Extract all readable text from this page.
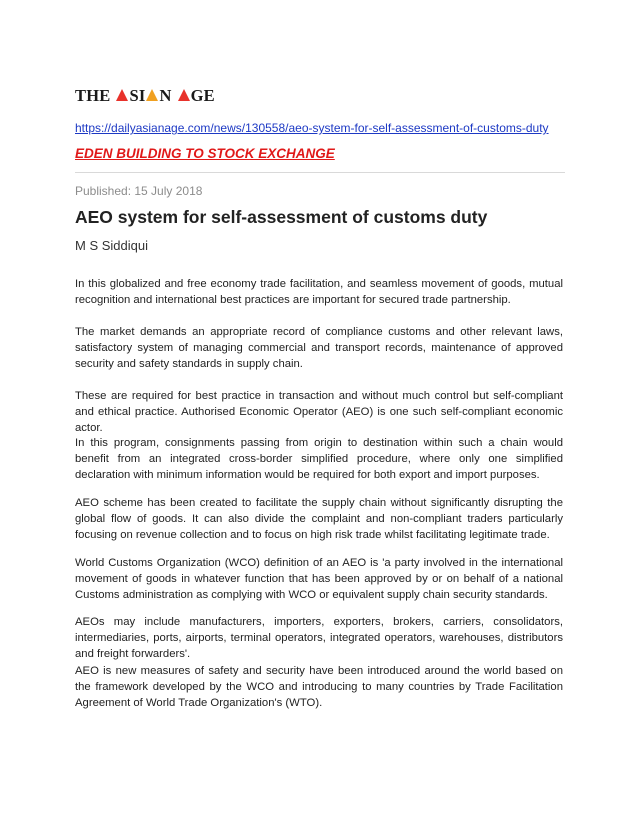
THE SI N GE
https://dailyasianage.com/news/130558/aeo-system-for-self-assessment-of-customs-duty
EDEN BUILDING TO STOCK EXCHANGE
Published: 15 July 2018
AEO system for self-assessment of customs duty
M S Siddiqui

In this globalized and free economy trade facilitation, and seamless movement of goods, mutual recognition and international best practices are important for secured trade partnership.

The market demands an appropriate record of compliance customs and other relevant laws, satisfactory system of managing commercial and transport records, maintenance of approved security and safety standards in supply chain.

These are required for best practice in transaction and without much control but self-compliant and ethical practice. Authorised Economic Operator (AEO) is one such self-compliant economic actor.

In this program, consignments passing from origin to destination within such a chain would benefit from an integrated cross-border simplified procedure, where only one simplified declaration with minimum information would be required for both export and import purposes.

AEO scheme has been created to facilitate the supply chain without significantly disrupting the global flow of goods. It can also divide the complaint and non-compliant traders particularly focusing on revenue collection and to focus on high risk trade whilst facilitating legitimate trade.

World Customs Organization (WCO) definition of an AEO is 'a party involved in the international movement of goods in whatever function that has been approved by or on behalf of a national Customs administration as complying with WCO or equivalent supply chain security standards.

AEOs may include manufacturers, importers, exporters, brokers, carriers, consolidators, intermediaries, ports, airports, terminal operators, integrated operators, warehouses, distributors and freight forwarders'.

AEO is new measures of safety and security have been introduced around the world based on the framework developed by the WCO and introducing to many countries by Trade Facilitation Agreement of World Trade Organization's (WTO).
